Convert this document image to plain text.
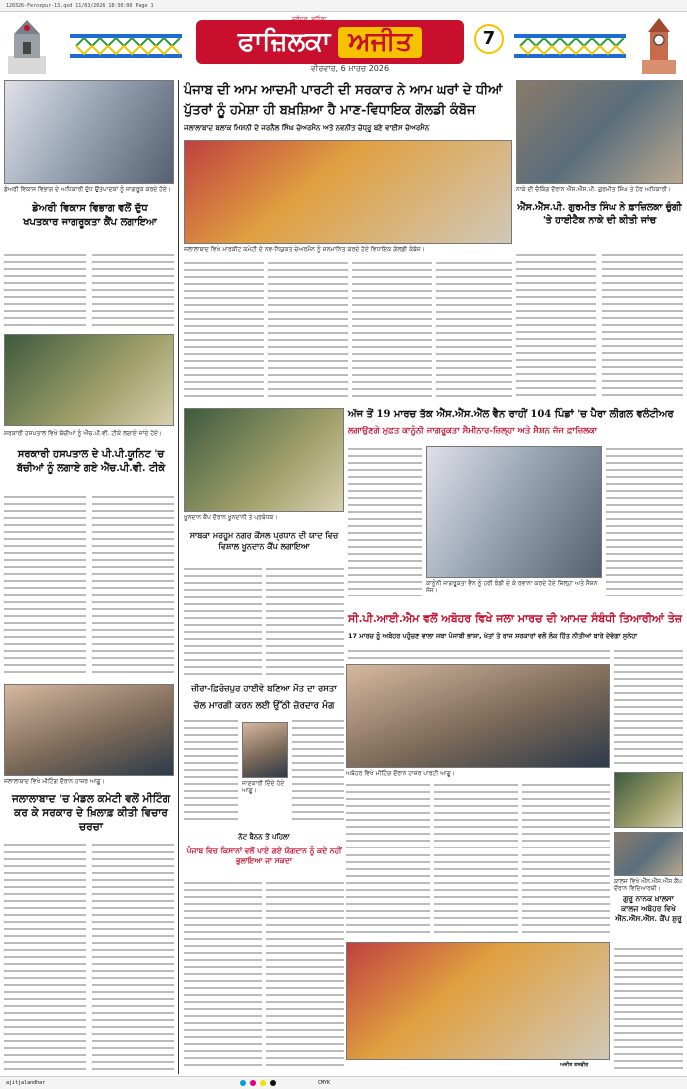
120326-Ferozpur-13.qxd 11/03/2026 18:30:00 Page 1
ਫਾਜ਼ਿਲਕਾ ਅਜੀਤ
ਜਲੰਧਰ, ਬਠਿੰਡਾ
7
ਵੀਰਵਾਰ, 6 ਮਾਰਚ 2026
ਡੇਅਰੀ ਵਿਕਾਸ ਵਿਭਾਗ ਦੇ ਅਧਿਕਾਰੀ ਦੁੱਧ ਉਤਪਾਦਕਾਂ ਨੂੰ ਜਾਗਰੂਕ ਕਰਦੇ ਹੋਏ।
ਡੇਅਰੀ ਵਿਕਾਸ ਵਿਭਾਗ ਵਲੋਂ ਦੁੱਧ ਖਪਤਕਾਰ ਜਾਗਰੂਕਤਾ ਕੈਂਪ ਲਗਾਇਆ
ਸਰਕਾਰੀ ਹਸਪਤਾਲ ਵਿਖੇ ਬੱਚੀਆਂ ਨੂੰ ਐੱਚ.ਪੀ.ਵੀ. ਟੀਕੇ ਲਗਾਏ ਜਾਂਦੇ ਹੋਏ।
ਸਰਕਾਰੀ ਹਸਪਤਾਲ ਦੇ ਪੀ.ਪੀ.ਯੂਨਿਟ 'ਚ ਬੱਚੀਆਂ ਨੂੰ ਲਗਾਏ ਗਏ ਐੱਚ.ਪੀ.ਵੀ. ਟੀਕੇ
ਜਲਾਲਾਬਾਦ ਵਿਖੇ ਮੀਟਿੰਗ ਦੌਰਾਨ ਹਾਜ਼ਰ ਆਗੂ।
ਜਲਾਲਾਬਾਦ 'ਚ ਮੰਡਲ ਕਮੇਟੀ ਵਲੋਂ ਮੀਟਿੰਗ ਕਰ ਕੇ ਸਰਕਾਰ ਦੇ ਖ਼ਿਲਾਫ਼ ਕੀਤੀ ਵਿਚਾਰ ਚਰਚਾ
ਪੰਜਾਬ ਦੀ ਆਮ ਆਦਮੀ ਪਾਰਟੀ ਦੀ ਸਰਕਾਰ ਨੇ ਆਮ ਘਰਾਂ ਦੇ ਧੀਆਂ
ਪੁੱਤਰਾਂ ਨੂੰ ਹਮੇਸ਼ਾ ਹੀ ਬਖ਼ਸ਼ਿਆ ਹੈ ਮਾਣ-ਵਿਧਾਇਕ ਗੋਲਡੀ ਕੰਬੋਜ
ਜਲਾਲਾਬਾਦ ਬਲਾਕ ਮਿਸ਼ਨੀ ਦੇ ਜਰਨੈਲ ਸਿੰਘ ਚੇਅਰਮੈਨ ਅਤੇ ਨਵਨੀਤ ਚੇਧ੍ਰੂ ਬਣੇ ਵਾਈਸ ਚੇਅਰਮੈਨ
ਜਲਾਲਾਬਾਦ ਵਿਖੇ ਮਾਰਕੀਟ ਕਮੇਟੀ ਦੇ ਨਵ-ਨਿਯੁਕਤ ਚੇਅਰਮੈਨ ਨੂੰ ਸਨਮਾਨਿਤ ਕਰਦੇ ਹੋਏ ਵਿਧਾਇਕ ਗੋਲਡੀ ਕੰਬੋਜ।
ਨਾਕੇ ਦੀ ਚੈਕਿੰਗ ਦੌਰਾਨ ਐੱਸ.ਐੱਸ.ਪੀ. ਗੁਰਮੀਤ ਸਿੰਘ ਤੇ ਹੋਰ ਅਧਿਕਾਰੀ।
ਐੱਸ.ਐੱਸ.ਪੀ. ਗੁਰਮੀਤ ਸਿੰਘ ਨੇ ਫ਼ਾਜ਼ਿਲਕਾ ਚੁੰਗੀ 'ਤੇ ਹਾਈਟੈਕ ਨਾਕੇ ਦੀ ਕੀਤੀ ਜਾਂਚ
ਖੂਨਦਾਨ ਕੈਂਪ ਦੌਰਾਨ ਖੂਨਦਾਨੀ ਤੇ ਪ੍ਰਬੰਧਕ।
ਸਾਬਕਾ ਮਰਹੂਮ ਨਗਰ ਕੌਂਸਲ ਪ੍ਰਧਾਨ ਦੀ ਯਾਦ ਵਿਚ ਵਿਸ਼ਾਲ ਖੂਨਦਾਨ ਕੈਂਪ ਲਗਾਇਆ
ਅੱਜ ਤੋਂ 19 ਮਾਰਚ ਤੱਕ ਐੱਸ.ਐੱਸ.ਐੱਲ ਵੈਨ ਰਾਹੀਂ 104 ਪਿੰਡਾਂ 'ਚ ਪੈਰਾ ਲੀਗਲ ਵਲੰਟੀਅਰ
ਲਗਾਉਣਗੇ ਮੁਫ਼ਤ ਕਾਨੂੰਨੀ ਜਾਗਰੂਕਤਾ ਸੈਮੀਨਾਰ-ਜ਼ਿਲ੍ਹਾ ਅਤੇ ਸੈਸ਼ਨ ਜੱਜ ਫ਼ਾਜ਼ਿਲਕਾ
ਕਾਨੂੰਨੀ ਜਾਗਰੂਕਤਾ ਵੈਨ ਨੂੰ ਹਰੀ ਝੰਡੀ ਦੇ ਕੇ ਰਵਾਨਾ ਕਰਦੇ ਹੋਏ ਜ਼ਿਲ੍ਹਾ ਅਤੇ ਸੈਸ਼ਨ ਜੱਜ।
ਸੀ.ਪੀ.ਆਈ.ਐਮ ਵਲੋਂ ਅਬੋਹਰ ਵਿਖੇ ਜਲਾ ਮਾਰਚ ਦੀ ਆਮਦ ਸੰਬੰਧੀ ਤਿਆਰੀਆਂ ਤੇਜ਼
17 ਮਾਰਚ ਨੂੰ ਅਬੋਹਰ ਪਹੁੰਚਣ ਵਾਲਾ ਜਥਾ ਪੰਜਾਬੀ ਭਾਸ਼ਾ, ਖੇਤਾਂ ਤੇ ਰਾਜ ਸਰਕਾਰਾਂ ਵਲੋਂ ਲੋਕ ਹਿੱਤ ਨੀਤੀਆਂ ਬਾਰੇ ਦੇਵੇਗਾ ਸੁਨੇਹਾ
ਅਬੋਹਰ ਵਿਖੇ ਮੀਟਿੰਗ ਦੌਰਾਨ ਹਾਜ਼ਰ ਪਾਰਟੀ ਆਗੂ।
ਜ਼ੀਰਾ-ਫ਼ਿਰੋਜ਼ਪੁਰ ਹਾਈਵੇ ਬਣਿਆ ਮੌਤ ਦਾ ਰਸਤਾ
ਚੱਲ ਮਾਰਗੀ ਕਰਨ ਲਈ ਉੱਠੀ ਜ਼ੋਰਦਾਰ ਮੰਗ
ਜਾਣਕਾਰੀ ਦਿੰਦੇ ਹੋਏ ਆਗੂ।
ਨੋਟ ਬੈਨਨ ਤੋਂ ਪਹਿਲਾ
ਪੰਜਾਬ ਵਿਚ ਕਿਸਾਨਾਂ ਵਲੋਂ ਪਾਏ ਗਏ ਯੋਗਦਾਨ ਨੂੰ ਕਦੇ ਨਹੀਂ ਭੁਲਾਇਆ ਜਾ ਸਕਦਾ
ਅਜੀਤ ਤਸਵੀਰ
ਕਾਲਜ ਵਿਖੇ ਐੱਨ.ਐੱਸ.ਐੱਸ ਕੈਂਪ ਦੌਰਾਨ ਵਿਦਿਆਰਥੀ।
ਗੁਰੂ ਨਾਨਕ ਖ਼ਾਲਸਾ ਕਾਲਜ ਅਬੋਹਰ ਵਿਖੇ ਐੱਨ.ਐੱਸ.ਐੱਸ. ਕੈਂਪ ਸ਼ੁਰੂ
ajitjalandhar	CMYK
